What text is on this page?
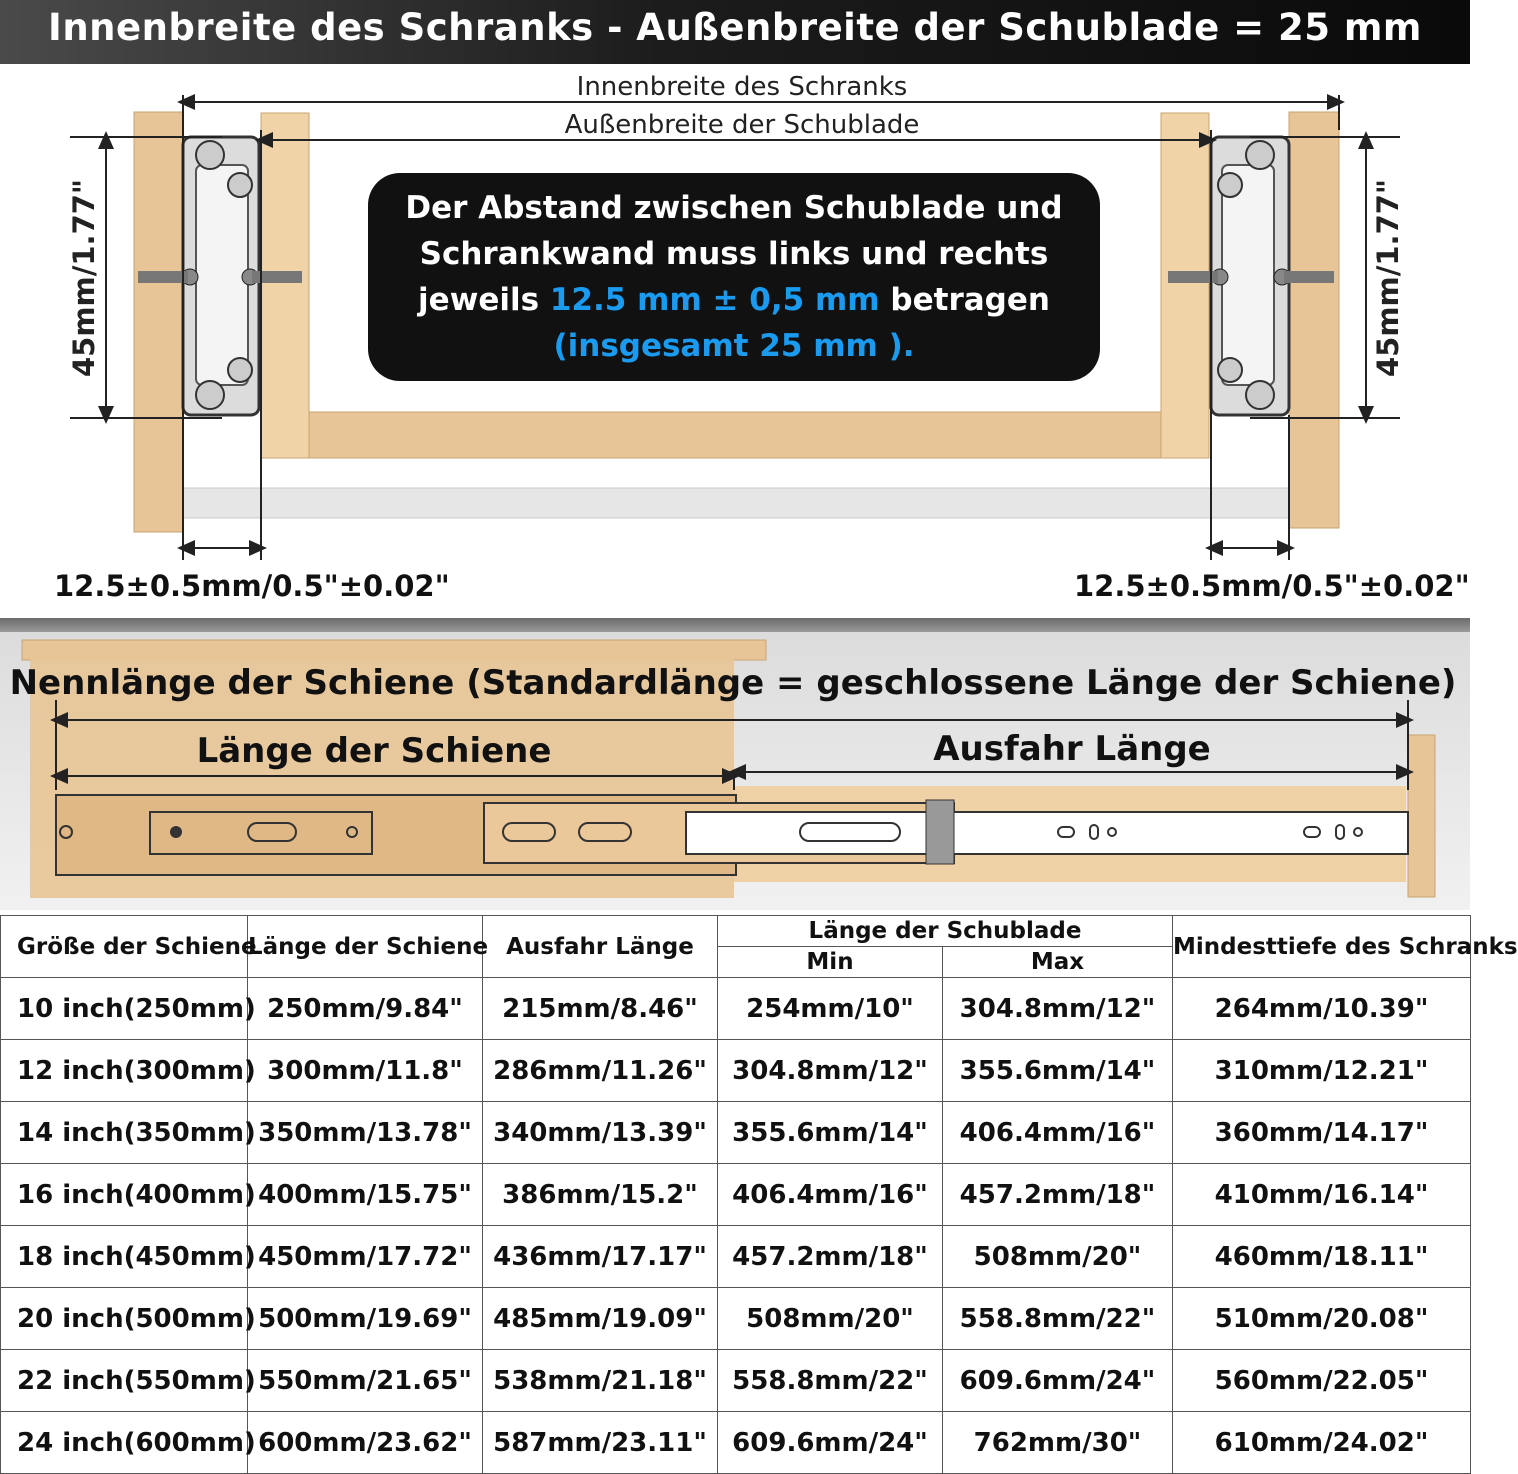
Innenbreite des Schranks - Außenbreite der Schublade = 25 mm
Innenbreite des Schranks
Außenbreite der Schublade
45mm/1.77"	45mm/1.77"
12.5±0.5mm/0.5"±0.02"	12.5±0.5mm/0.5"±0.02"
Der Abstand zwischen Schublade und
Schrankwand muss links und rechts
jeweils 12.5 mm ± 0,5 mm betragen
(insgesamt 25 mm ).
Nennlänge der Schiene (Standardlänge = geschlossene Länge der Schiene)
Länge der Schiene	Ausfahr Länge
Größe der Schiene	Länge der Schiene	Ausfahr Länge	Länge der Schublade		Mindesttiefe des Schranks
			Min	Max	
10 inch(250mm)	250mm/9.84"	215mm/8.46"	254mm/10"	304.8mm/12"	264mm/10.39"
12 inch(300mm)	300mm/11.8"	286mm/11.26"	304.8mm/12"	355.6mm/14"	310mm/12.21"
14 inch(350mm)	350mm/13.78"	340mm/13.39"	355.6mm/14"	406.4mm/16"	360mm/14.17"
16 inch(400mm)	400mm/15.75"	386mm/15.2"	406.4mm/16"	457.2mm/18"	410mm/16.14"
18 inch(450mm)	450mm/17.72"	436mm/17.17"	457.2mm/18"	508mm/20"	460mm/18.11"
20 inch(500mm)	500mm/19.69"	485mm/19.09"	508mm/20"	558.8mm/22"	510mm/20.08"
22 inch(550mm)	550mm/21.65"	538mm/21.18"	558.8mm/22"	609.6mm/24"	560mm/22.05"
24 inch(600mm)	600mm/23.62"	587mm/23.11"	609.6mm/24"	762mm/30"	610mm/24.02"
